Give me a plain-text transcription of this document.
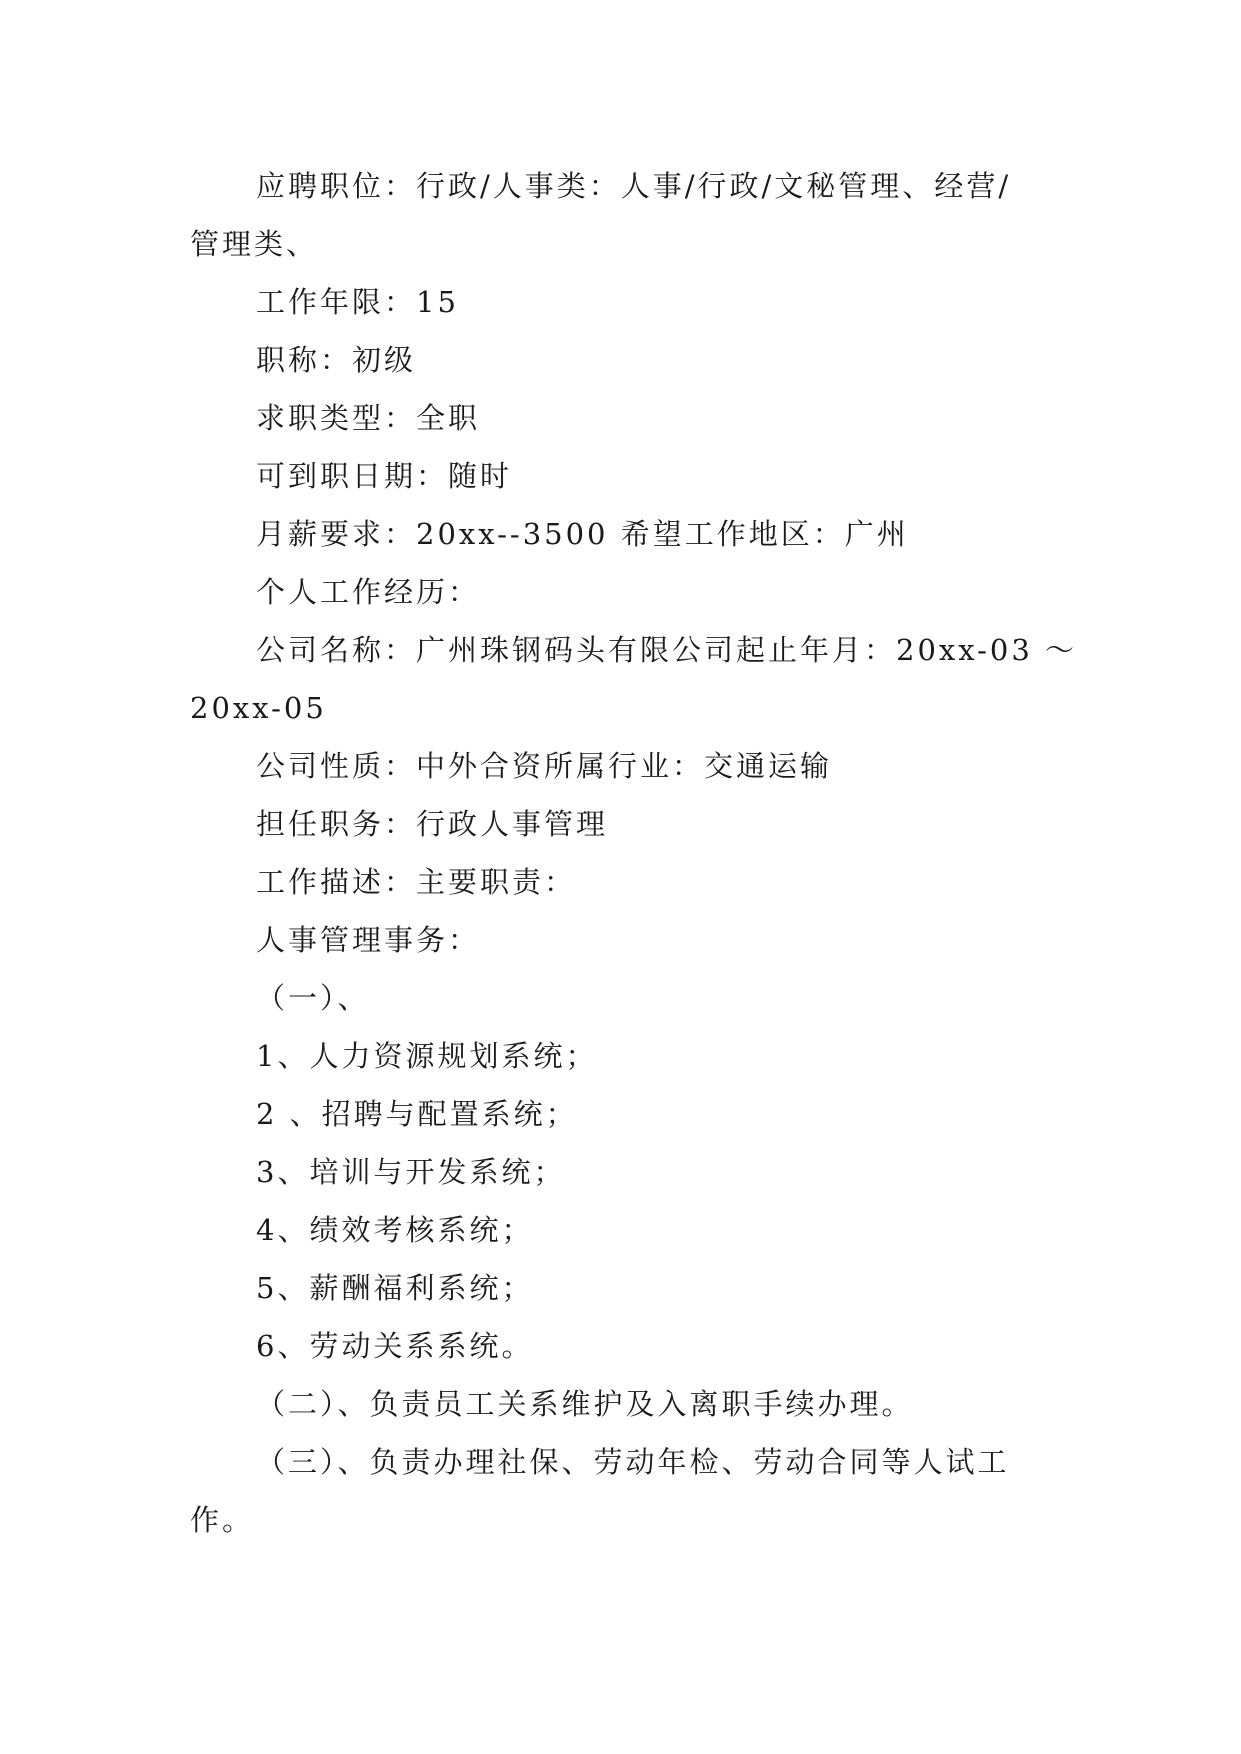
应聘职位：行政/人事类：人事/行政/文秘管理、经营/
管理类、
工作年限：15
职称：初级
求职类型：全职
可到职日期：随时
月薪要求：20xx--3500 希望工作地区：广州
个人工作经历：
公司名称：广州珠钢码头有限公司起止年月：20xx-03 ～
20xx-05
公司性质：中外合资所属行业：交通运输
担任职务：行政人事管理
工作描述：主要职责：
人事管理事务：
（一）、
1、人力资源规划系统；
2 、招聘与配置系统；
3、培训与开发系统；
4、绩效考核系统；
5、薪酬福利系统；
6、劳动关系系统。
（二）、负责员工关系维护及入离职手续办理。
（三）、负责办理社保、劳动年检、劳动合同等人试工
作。
